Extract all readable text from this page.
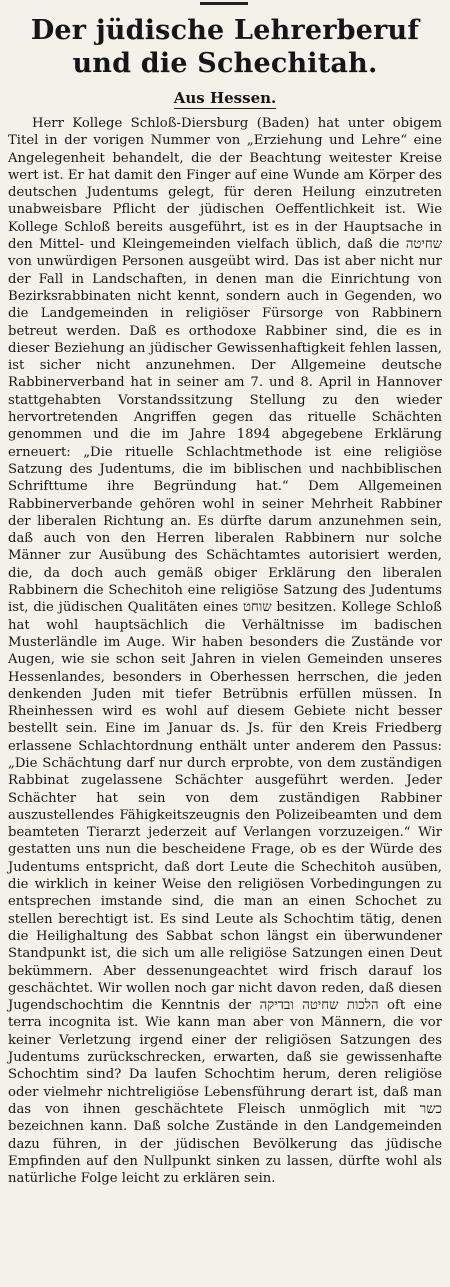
Der jüdische Lehrerberuf und die Schechitah.
Aus Hessen.

Herr Kollege Schloß-Diersburg (Baden) hat unter obigem Titel in der vorigen Nummer von „Erziehung und Lehre“ eine Angelegenheit behandelt, die der Beachtung weitester Kreise wert ist. Er hat damit den Finger auf eine Wunde am Körper des deutschen Judentums gelegt, für deren Heilung einzutreten unabweisbare Pflicht der jüdischen Oeffentlichkeit ist. Wie Kollege Schloß bereits ausgeführt, ist es in der Hauptsache in den Mittel- und Kleingemeinden vielfach üblich, daß die שחיטה von unwürdigen Personen ausgeübt wird. Das ist aber nicht nur der Fall in Landschaften, in denen man die Einrichtung von Bezirksrabbinaten nicht kennt, sondern auch in Gegenden, wo die Landgemeinden in religiöser Fürsorge von Rabbinern betreut werden. Daß es orthodoxe Rabbiner sind, die es in dieser Beziehung an jüdischer Gewissenhaftigkeit fehlen lassen, ist sicher nicht anzunehmen. Der Allgemeine deutsche Rabbinerverband hat in seiner am 7. und 8. April in Hannover stattgehabten Vorstandssitzung Stellung zu den wieder hervortretenden Angriffen gegen das rituelle Schächten genommen und die im Jahre 1894 abgegebene Erklärung erneuert: „Die rituelle Schlachtmethode ist eine religiöse Satzung des Judentums, die im biblischen und nachbiblischen Schrifttume ihre Begründung hat.“ Dem Allgemeinen Rabbinerverbande gehören wohl in seiner Mehrheit Rabbiner der liberalen Richtung an. Es dürfte darum anzunehmen sein, daß auch von den Herren liberalen Rabbinern nur solche Männer zur Ausübung des Schächtamtes autorisiert werden, die, da doch auch gemäß obiger Erklärung den liberalen Rabbinern die Schechitoh eine religiöse Satzung des Judentums ist, die jüdischen Qualitäten eines שוחט besitzen. Kollege Schloß hat wohl hauptsächlich die Verhältnisse im badischen Musterländle im Auge. Wir haben besonders die Zustände vor Augen, wie sie schon seit Jahren in vielen Gemeinden unseres Hessenlandes, besonders in Oberhessen herrschen, die jeden denkenden Juden mit tiefer Betrübnis erfüllen müssen. In Rheinhessen wird es wohl auf diesem Gebiete nicht besser bestellt sein. Eine im Januar ds. Js. für den Kreis Friedberg erlassene Schlachtordnung enthält unter anderem den Passus: „Die Schächtung darf nur durch erprobte, von dem zuständigen Rabbinat zugelassene Schächter ausgeführt werden. Jeder Schächter hat sein von dem zuständigen Rabbiner auszustellendes Fähigkeitszeugnis den Polizeibeamten und dem beamteten Tierarzt jederzeit auf Verlangen vorzuzeigen.“ Wir gestatten uns nun die bescheidene Frage, ob es der Würde des Judentums entspricht, daß dort Leute die Schechitoh ausüben, die wirklich in keiner Weise den religiösen Vorbedingungen zu entsprechen imstande sind, die man an einen Schochet zu stellen berechtigt ist. Es sind Leute als Schochtim tätig, denen die Heilighaltung des Sabbat schon längst ein überwundener Standpunkt ist, die sich um alle religiöse Satzungen einen Deut bekümmern. Aber dessenungeachtet wird frisch darauf los geschächtet. Wir wollen noch gar nicht davon reden, daß diesen Jugendschochtim die Kenntnis der הלכות שחיטה ובדיקה oft eine terra incognita ist. Wie kann man aber von Männern, die vor keiner Verletzung irgend einer der religiösen Satzungen des Judentums zurückschrecken, erwarten, daß sie gewissenhafte Schochtim sind? Da laufen Schochtim herum, deren religiöse oder vielmehr nichtreligiöse Lebensführung derart ist, daß man das von ihnen geschächtete Fleisch unmöglich mit כשר bezeichnen kann. Daß solche Zustände in den Landgemeinden dazu führen, in der jüdischen Bevölkerung das jüdische Empfinden auf den Nullpunkt sinken zu lassen, dürfte wohl als natürliche Folge leicht zu erklären sein.
